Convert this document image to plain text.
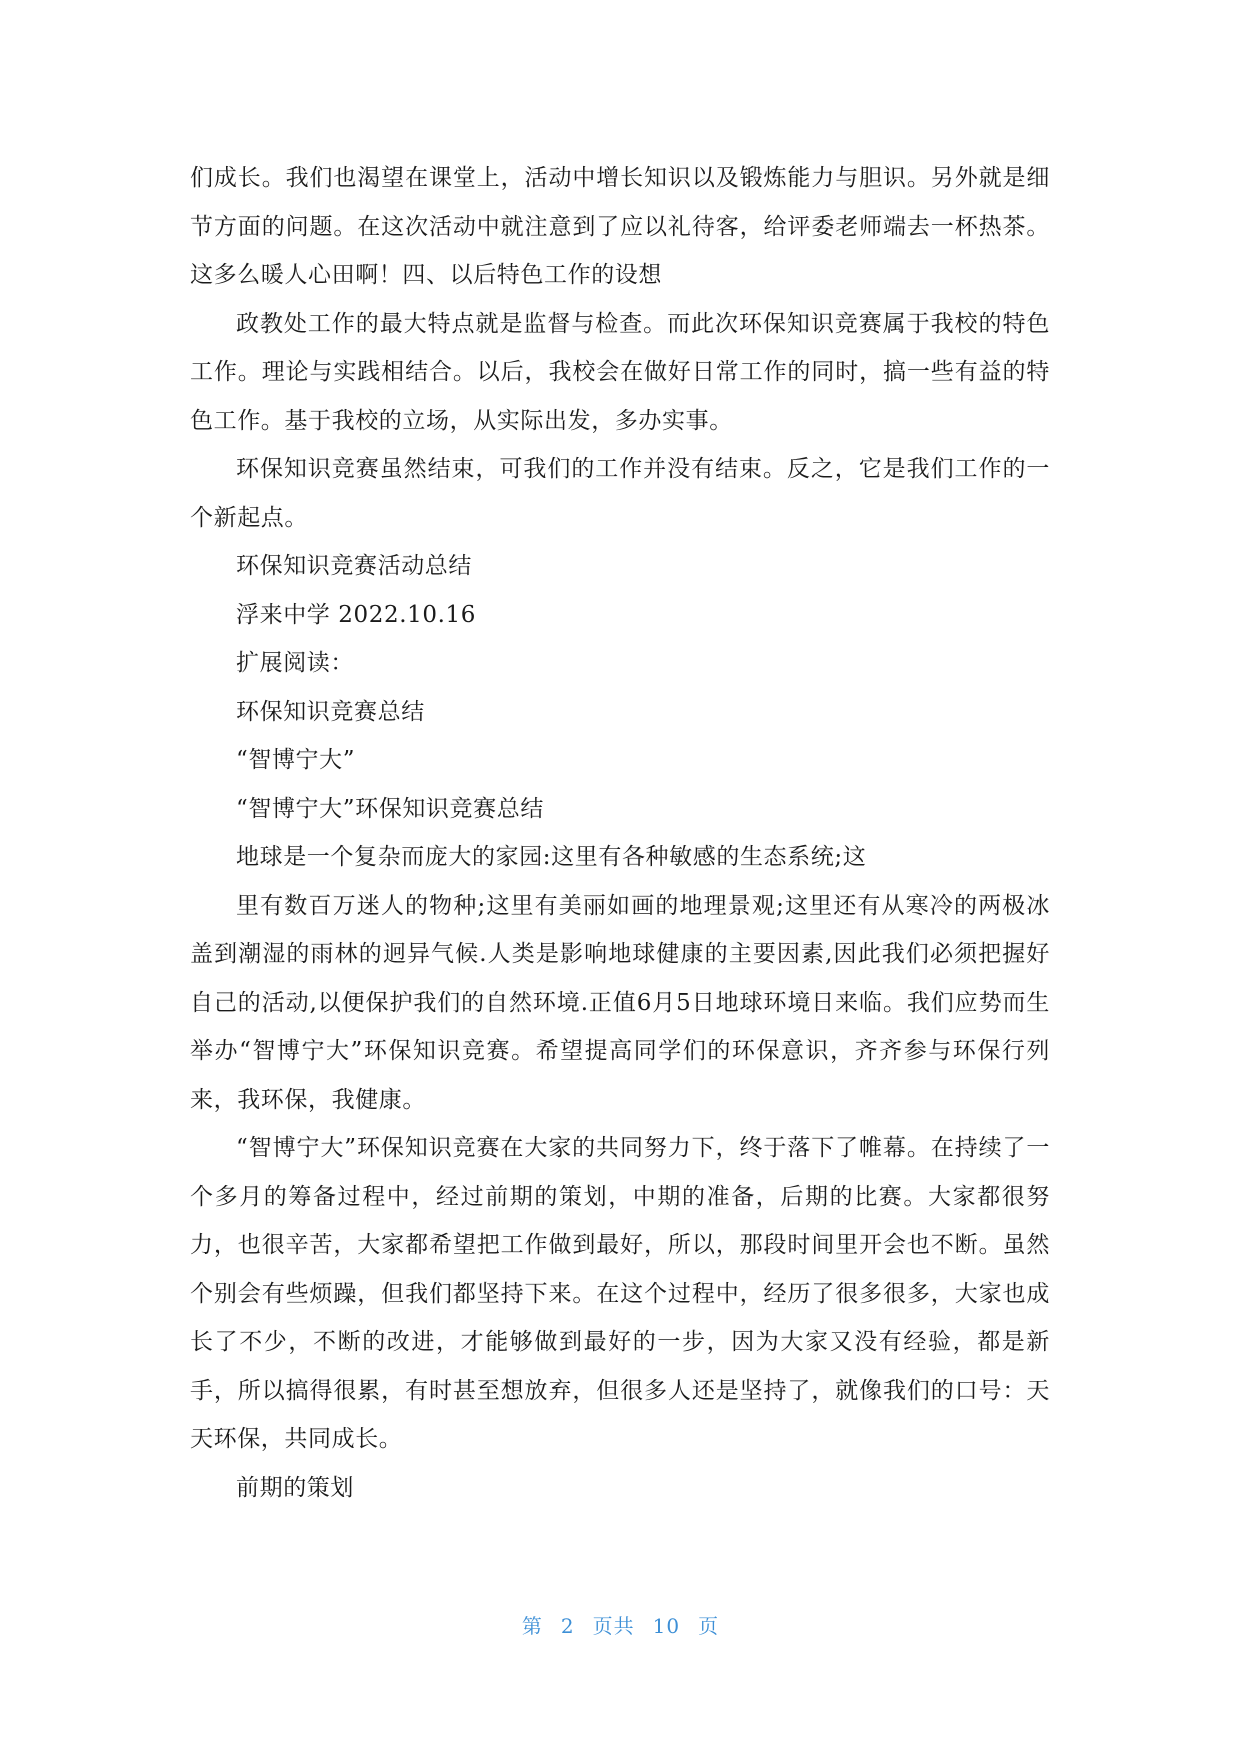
们成长。我们也渴望在课堂上，活动中增长知识以及锻炼能力与胆识。另外就是细节方面的问题。在这次活动中就注意到了应以礼待客，给评委老师端去一杯热茶。这多么暖人心田啊！四、以后特色工作的设想

政教处工作的最大特点就是监督与检查。而此次环保知识竞赛属于我校的特色工作。理论与实践相结合。以后，我校会在做好日常工作的同时，搞一些有益的特色工作。基于我校的立场，从实际出发，多办实事。

环保知识竞赛虽然结束，可我们的工作并没有结束。反之，它是我们工作的一个新起点。

环保知识竞赛活动总结

浮来中学 2022.10.16

扩展阅读：

环保知识竞赛总结

“智博宁大”

“智博宁大”环保知识竞赛总结

地球是一个复杂而庞大的家园:这里有各种敏感的生态系统;这

里有数百万迷人的物种;这里有美丽如画的地理景观;这里还有从寒冷的两极冰盖到潮湿的雨林的迥异气候.人类是影响地球健康的主要因素,因此我们必须把握好自己的活动,以便保护我们的自然环境.正值6月5日地球环境日来临。我们应势而生举办“智博宁大”环保知识竞赛。希望提高同学们的环保意识，齐齐参与环保行列来，我环保，我健康。

“智博宁大”环保知识竞赛在大家的共同努力下，终于落下了帷幕。在持续了一个多月的筹备过程中，经过前期的策划，中期的准备，后期的比赛。大家都很努力，也很辛苦，大家都希望把工作做到最好，所以，那段时间里开会也不断。虽然个别会有些烦躁，但我们都坚持下来。在这个过程中，经历了很多很多，大家也成长了不少，不断的改进，才能够做到最好的一步，因为大家又没有经验，都是新手，所以搞得很累，有时甚至想放弃，但很多人还是坚持了，就像我们的口号：天天环保，共同成长。

前期的策划

第 2 页共 10 页
